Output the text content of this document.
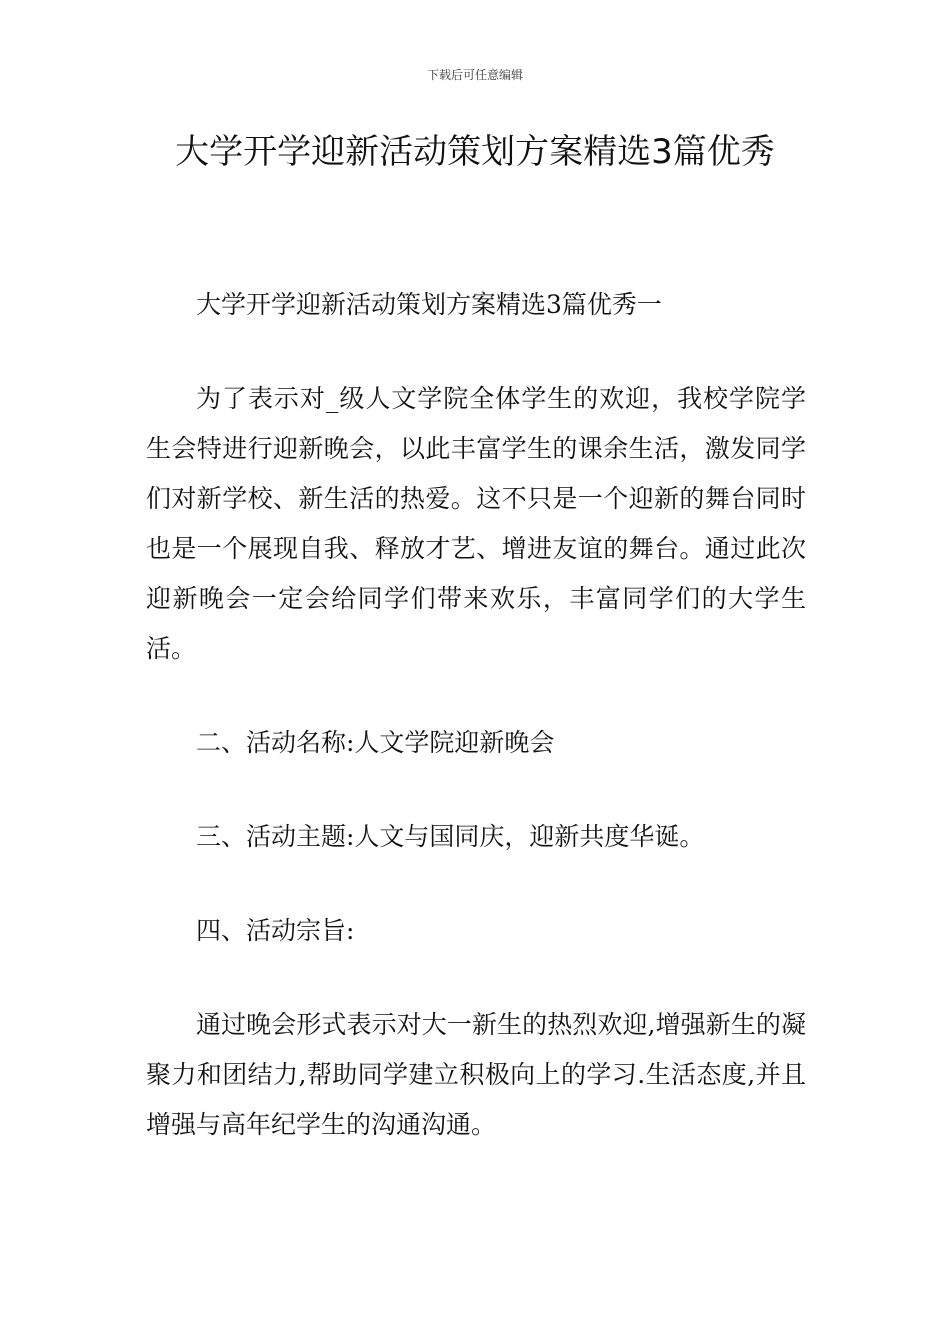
下载后可任意编辑
大学开学迎新活动策划方案精选3篇优秀

大学开学迎新活动策划方案精选3篇优秀一

为了表示对_级人文学院全体学生的欢迎，我校学院学生会特进行迎新晚会，以此丰富学生的课余生活，激发同学们对新学校、新生活的热爱。这不只是一个迎新的舞台同时也是一个展现自我、释放才艺、增进友谊的舞台。通过此次迎新晚会一定会给同学们带来欢乐，丰富同学们的大学生活。

二、活动名称:人文学院迎新晚会

三、活动主题:人文与国同庆，迎新共度华诞。

四、活动宗旨:

通过晚会形式表示对大一新生的热烈欢迎,增强新生的凝聚力和团结力,帮助同学建立积极向上的学习.生活态度,并且增强与高年纪学生的沟通沟通。
